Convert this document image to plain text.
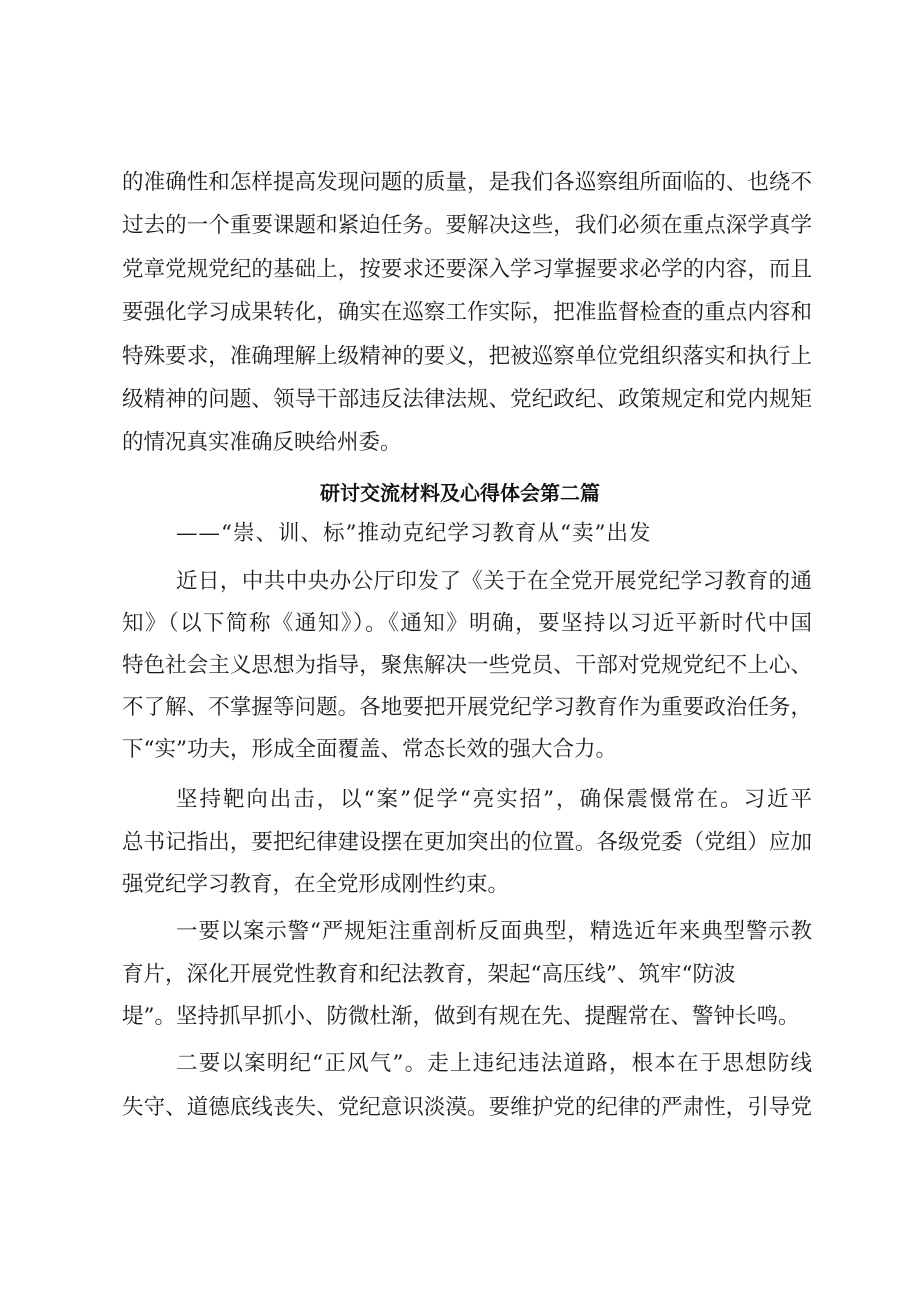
的准确性和怎样提高发现问题的质量，是我们各巡察组所面临的、也绕不
过去的一个重要课题和紧迫任务。要解决这些，我们必须在重点深学真学
党章党规党纪的基础上，按要求还要深入学习掌握要求必学的内容，而且
要强化学习成果转化，确实在巡察工作实际，把准监督检查的重点内容和
特殊要求，准确理解上级精神的要义，把被巡察单位党组织落实和执行上
级精神的问题、领导干部违反法律法规、党纪政纪、政策规定和党内规矩
的情况真实准确反映给州委。
研讨交流材料及心得体会第二篇
——“崇、训、标”推动克纪学习教育从“卖”出发
近日，中共中央办公厅印发了《关于在全党开展党纪学习教育的通
知》（以下简称《通知》）。《通知》明确，要坚持以习近平新时代中国
特色社会主义思想为指导，聚焦解决一些党员、干部对党规党纪不上心、
不了解、不掌握等问题。各地要把开展党纪学习教育作为重要政治任务，
下“实”功夫，形成全面覆盖、常态长效的强大合力。
坚持靶向出击，以“案”促学“亮实招”，确保震慑常在。习近平
总书记指出，要把纪律建设摆在更加突出的位置。各级党委（党组）应加
强党纪学习教育，在全党形成刚性约束。
一要以案示警“严规矩注重剖析反面典型，精选近年来典型警示教
育片，深化开展党性教育和纪法教育，架起“高压线”、筑牢“防波
堤”。坚持抓早抓小、防微杜渐，做到有规在先、提醒常在、警钟长鸣。
二要以案明纪“正风气”。走上违纪违法道路，根本在于思想防线
失守、道德底线丧失、党纪意识淡漠。要维护党的纪律的严肃性，引导党
